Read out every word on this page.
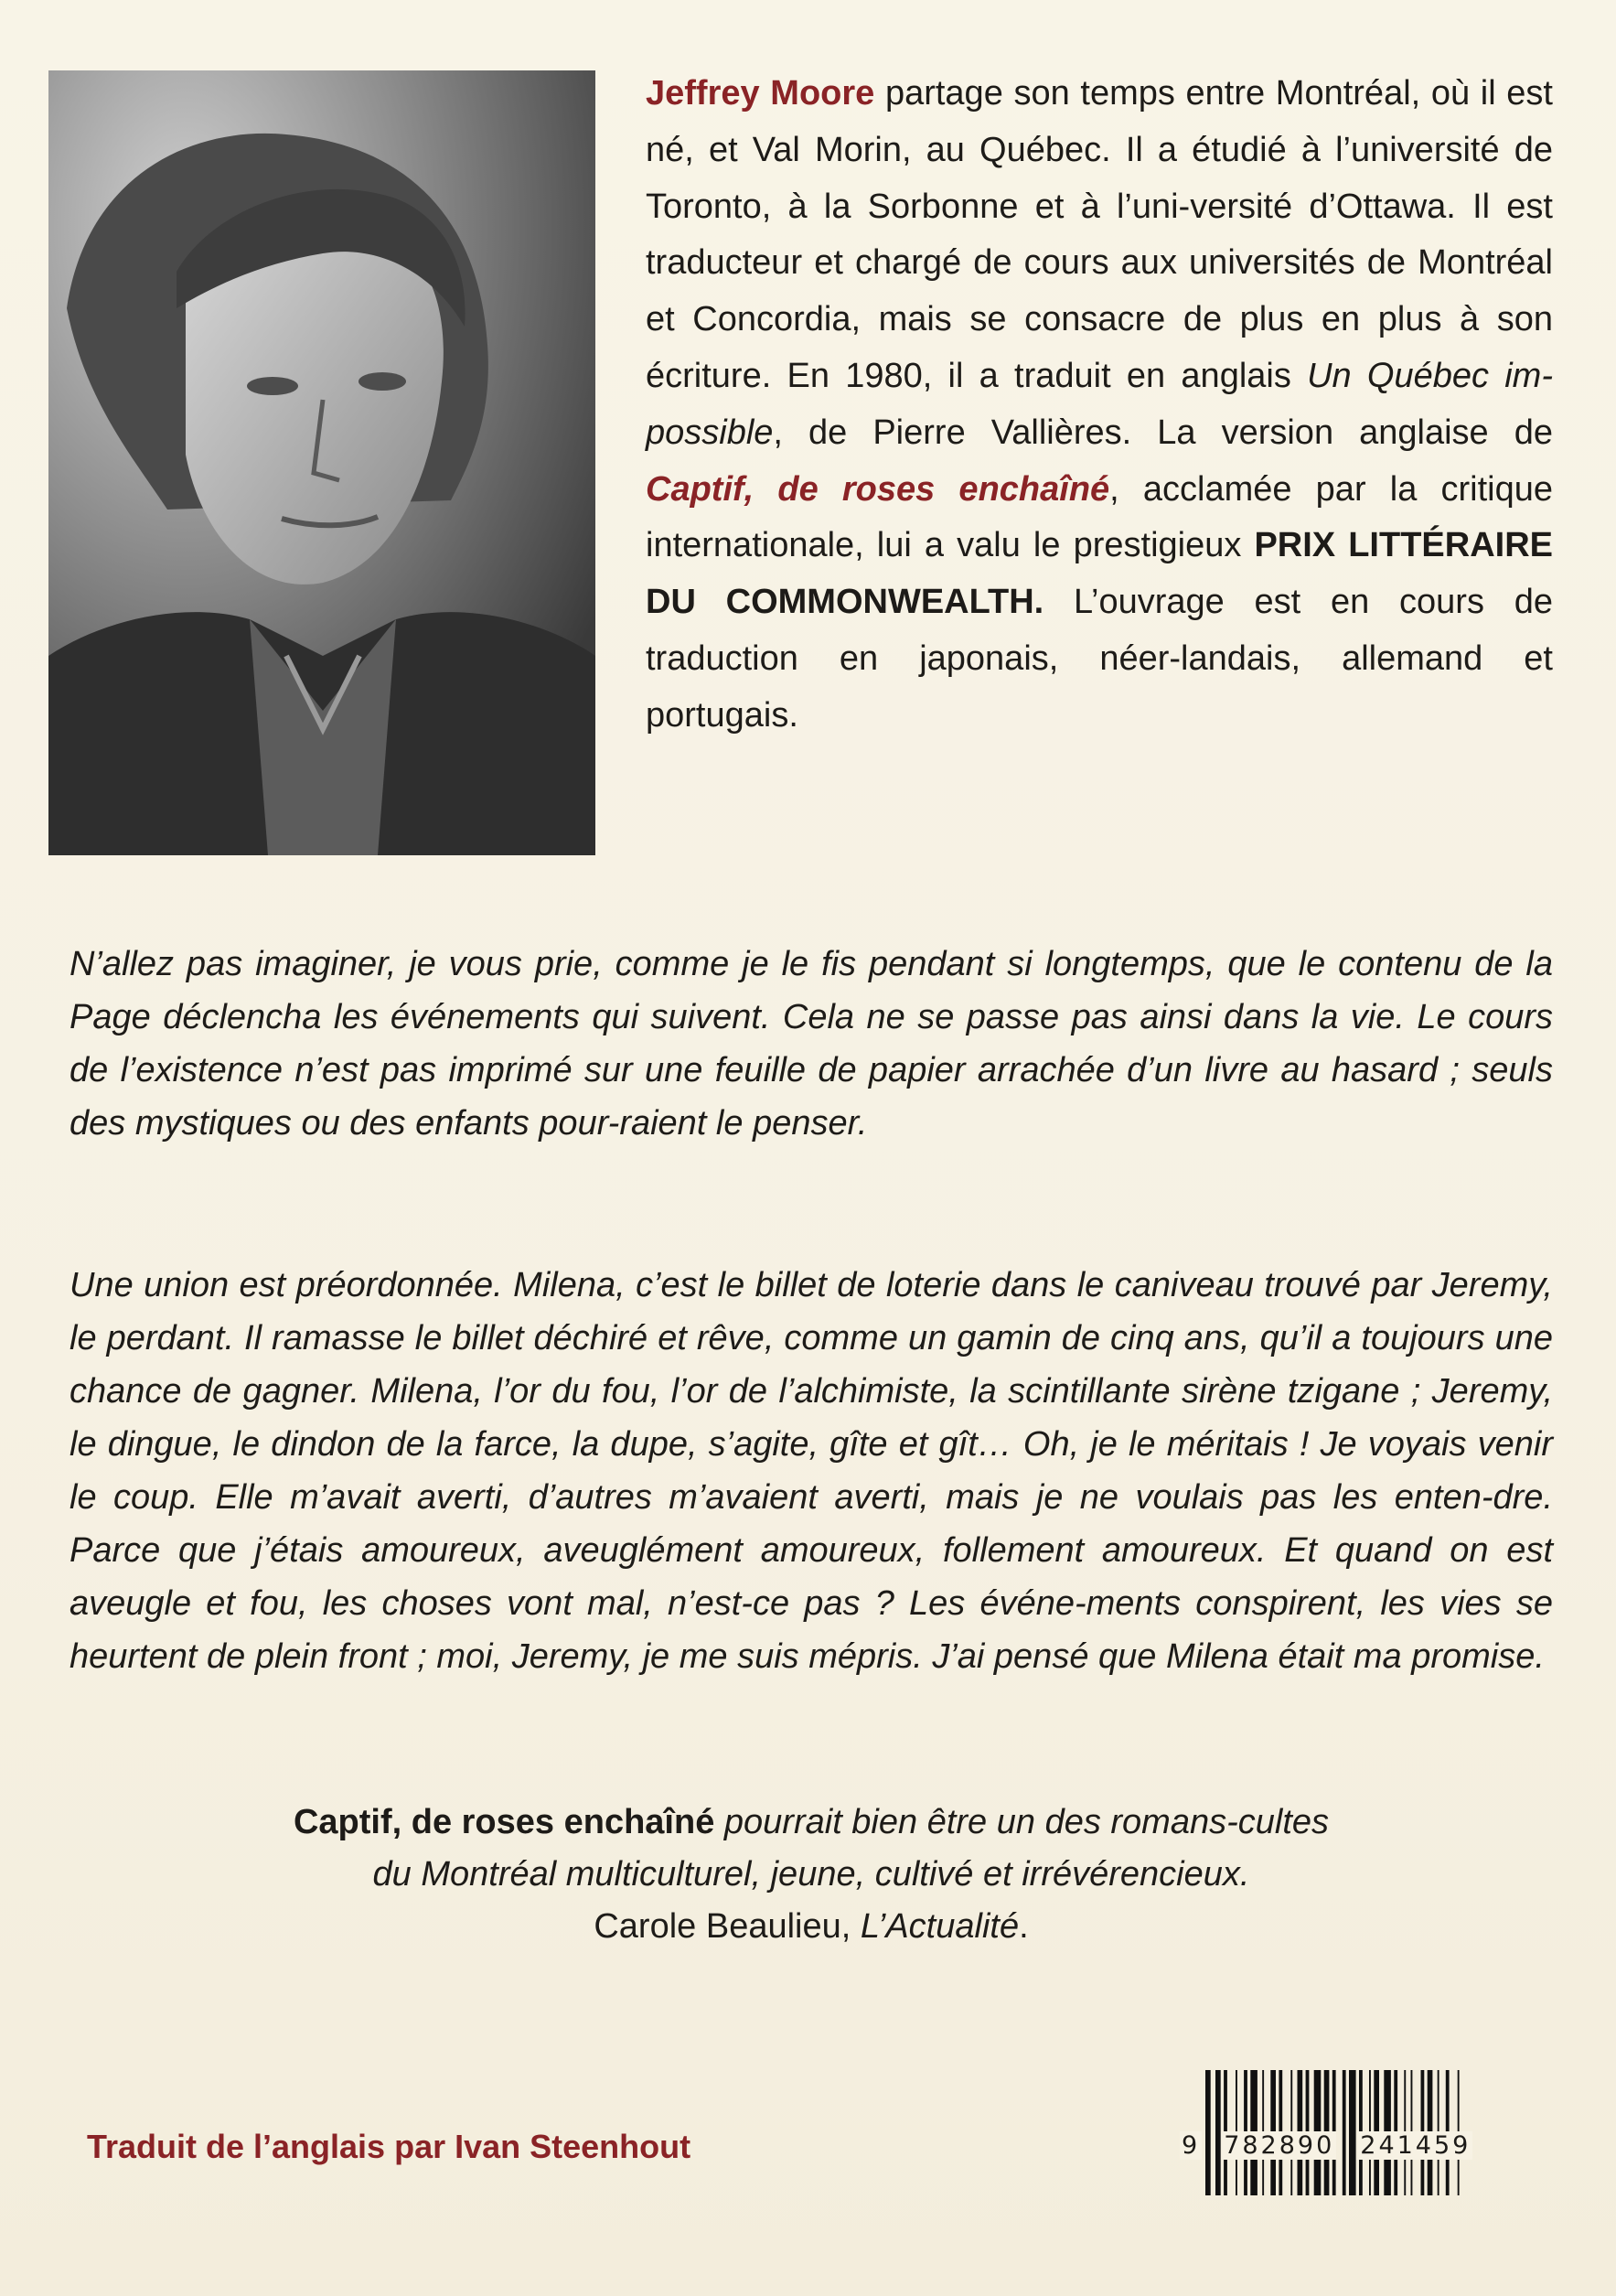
Jeffrey Moore partage son temps entre Montréal, où il est né, et Val Morin, au Québec. Il a étudié à l’université de Toronto, à la Sorbonne et à l’uni-versité d’Ottawa. Il est traducteur et chargé de cours aux universités de Montréal et Concordia, mais se consacre de plus en plus à son écriture. En 1980, il a traduit en anglais Un Québec im-possible, de Pierre Vallières. La version anglaise de Captif, de roses enchaîné, acclamée par la critique internationale, lui a valu le prestigieux PRIX LITTÉRAIRE DU COMMONWEALTH. L’ouvrage est en cours de traduction en japonais, néer-landais, allemand et portugais.

N’allez pas imaginer, je vous prie, comme je le fis pendant si longtemps, que le contenu de la Page déclencha les événements qui suivent. Cela ne se passe pas ainsi dans la vie. Le cours de l’existence n’est pas imprimé sur une feuille de papier arrachée d’un livre au hasard ; seuls des mystiques ou des enfants pour-raient le penser.

Une union est préordonnée. Milena, c’est le billet de loterie dans le caniveau trouvé par Jeremy, le perdant. Il ramasse le billet déchiré et rêve, comme un gamin de cinq ans, qu’il a toujours une chance de gagner. Milena, l’or du fou, l’or de l’alchimiste, la scintillante sirène tzigane ; Jeremy, le dingue, le dindon de la farce, la dupe, s’agite, gîte et gît… Oh, je le méritais ! Je voyais venir le coup. Elle m’avait averti, d’autres m’avaient averti, mais je ne voulais pas les enten-dre. Parce que j’étais amoureux, aveuglément amoureux, follement amoureux. Et quand on est aveugle et fou, les choses vont mal, n’est-ce pas ? Les événe-ments conspirent, les vies se heurtent de plein front ; moi, Jeremy, je me suis mépris. J’ai pensé que Milena était ma promise.

Captif, de roses enchaîné pourrait bien être un des romans-cultes
du Montréal multiculturel, jeune, cultivé et irrévérencieux.
Carole Beaulieu, L’Actualité.

Traduit de l’anglais par Ivan Steenhout	9 782890 241459
